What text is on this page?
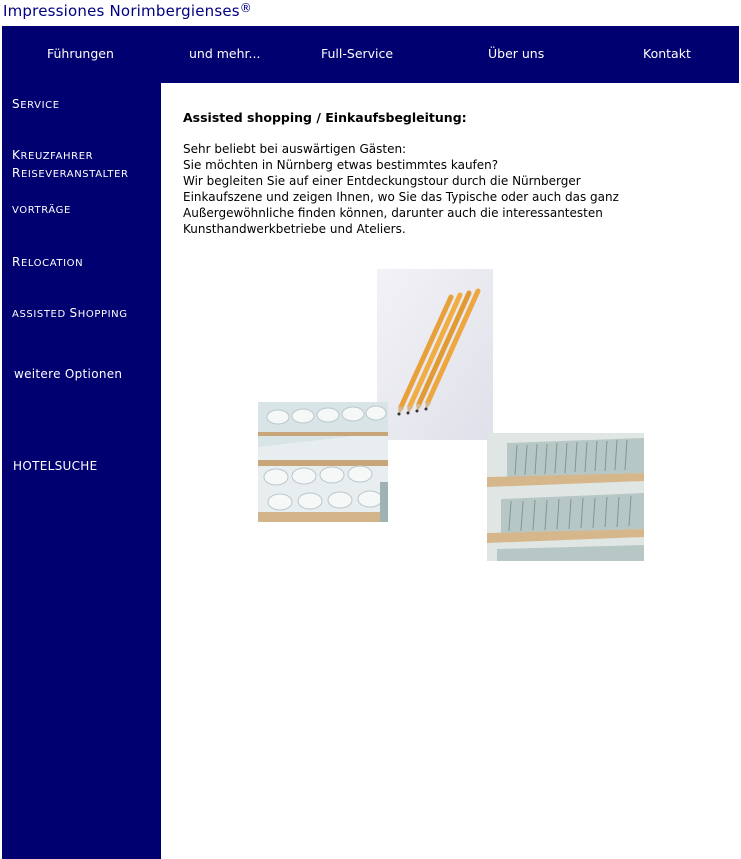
Impressiones Norimbergienses®
Führungen	und mehr...	Full-Service	Über uns	Kontakt
SERVICE
KREUZFAHRER
REISEVERANSTALTER
VORTRÄGE
RELOCATION
ASSISTED SHOPPING
weitere Optionen
HOTELSUCHE
Assisted shopping / Einkaufsbegleitung:

Sehr beliebt bei auswärtigen Gästen:
Sie möchten in Nürnberg etwas bestimmtes kaufen?
Wir begleiten Sie auf einer Entdeckungstour durch die Nürnberger
Einkaufszene und zeigen Ihnen, wo Sie das Typische oder auch das ganz
Außergewöhnliche finden können, darunter auch die interessantesten
Kunsthandwerkbetriebe und Ateliers.
